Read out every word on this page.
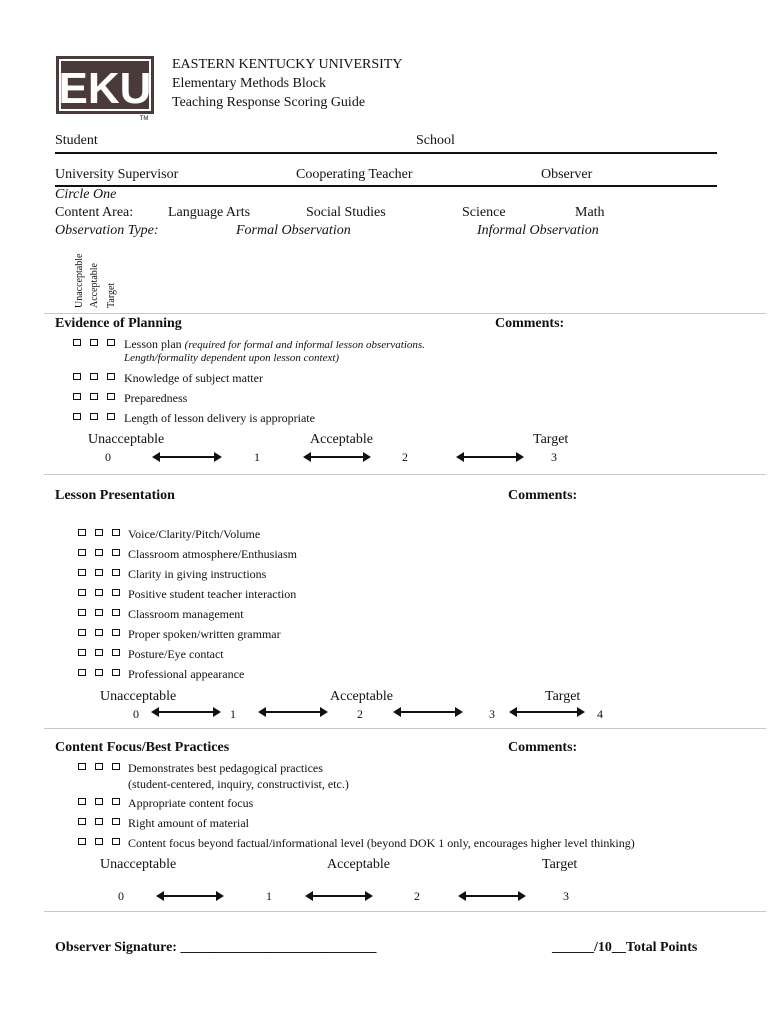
EKU
TM
EASTERN KENTUCKY UNIVERSITY
Elementary Methods Block
Teaching Response Scoring Guide
Student	School
University Supervisor	Cooperating Teacher	Observer
Circle One
Content Area: Language Arts	Social Studies	Science	Math
Observation Type:	Formal Observation	Informal Observation
Unacceptable Acceptable Target
Evidence of Planning	Comments:
Lesson plan (required for formal and informal lesson observations.
Length/formality dependent upon lesson context)
Knowledge of subject matter
Preparedness
Length of lesson delivery is appropriate
Unacceptable	Acceptable	Target
0	1	2	3
Lesson Presentation	Comments:
Voice/Clarity/Pitch/Volume
Classroom atmosphere/Enthusiasm
Clarity in giving instructions
Positive student teacher interaction
Classroom management
Proper spoken/written grammar
Posture/Eye contact
Professional appearance
Unacceptable	Acceptable	Target
0	1	2	3	4
Content Focus/Best Practices	Comments:
Demonstrates best pedagogical practices
(student-centered, inquiry, constructivist, etc.)
Appropriate content focus
Right amount of material
Content focus beyond factual/informational level (beyond DOK 1 only, encourages higher level thinking)
Unacceptable	Acceptable	Target
0	1	2	3
Observer Signature: ____________________________	______/10__Total Points
